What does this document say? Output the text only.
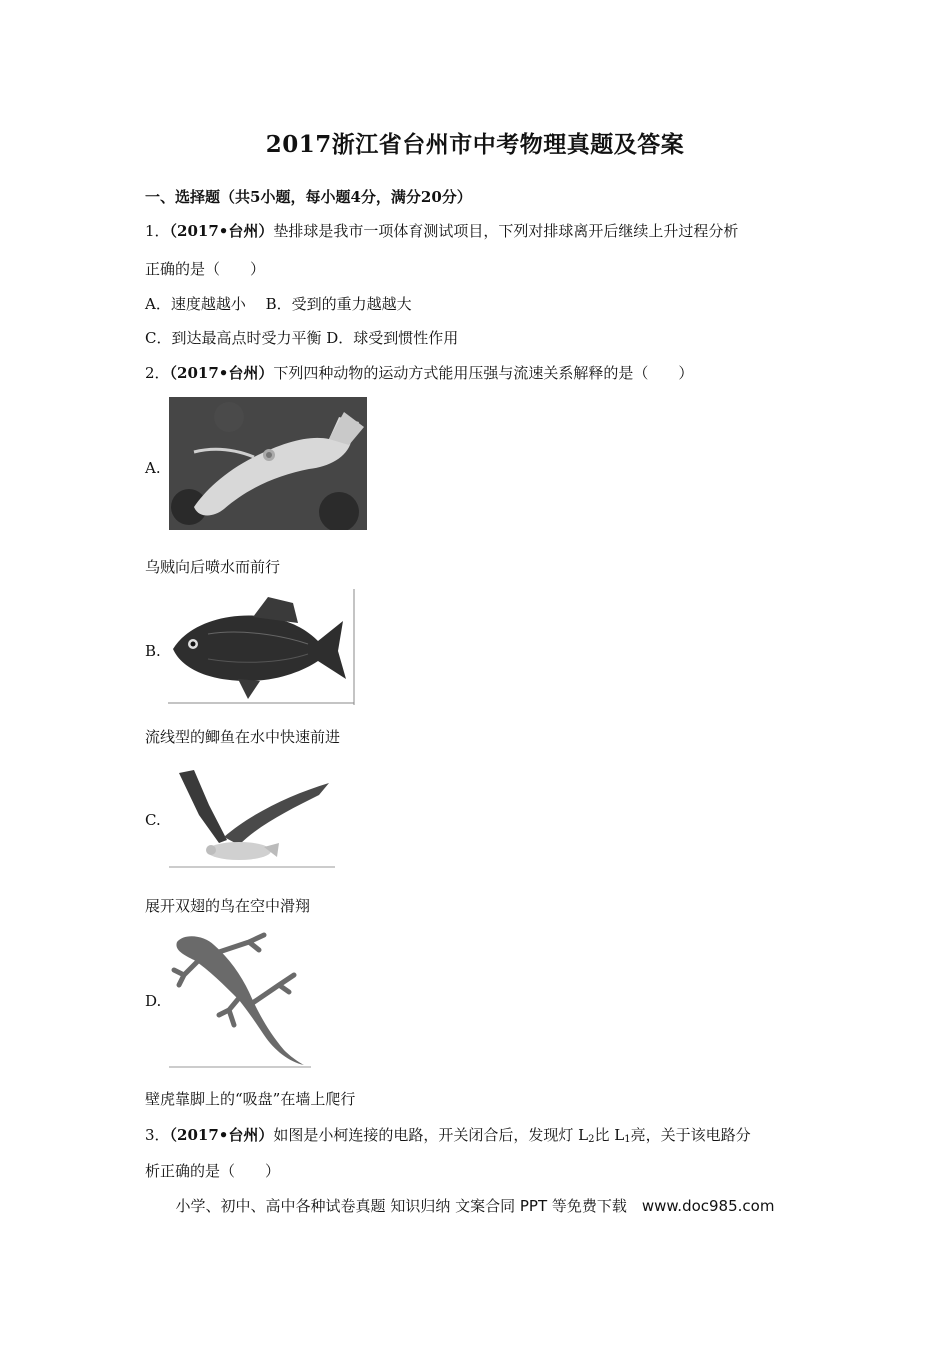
2017浙江省台州市中考物理真题及答案
一、选择题（共5小题，每小题4分，满分20分）
1．（2017•台州）垫排球是我市一项体育测试项目，下列对排球离开后继续上升过程分析
正确的是（　　）
A．速度越越小　 B．受到的重力越越大
C．到达最高点时受力平衡 D．球受到惯性作用
2．（2017•台州）下列四种动物的运动方式能用压强与流速关系解释的是（　　）
A.
乌贼向后喷水而前行
B.
流线型的鲫鱼在水中快速前进
C.
展开双翅的鸟在空中滑翔
D.
壁虎靠脚上的“吸盘”在墙上爬行
3．（2017•台州）如图是小柯连接的电路，开关闭合后，发现灯 $L_2$比 $L_1$亮，关于该电路分
析正确的是（　　）
小学、初中、高中各种试卷真题 知识归纳 文案合同 PPT 等免费下载　www.doc985.com
